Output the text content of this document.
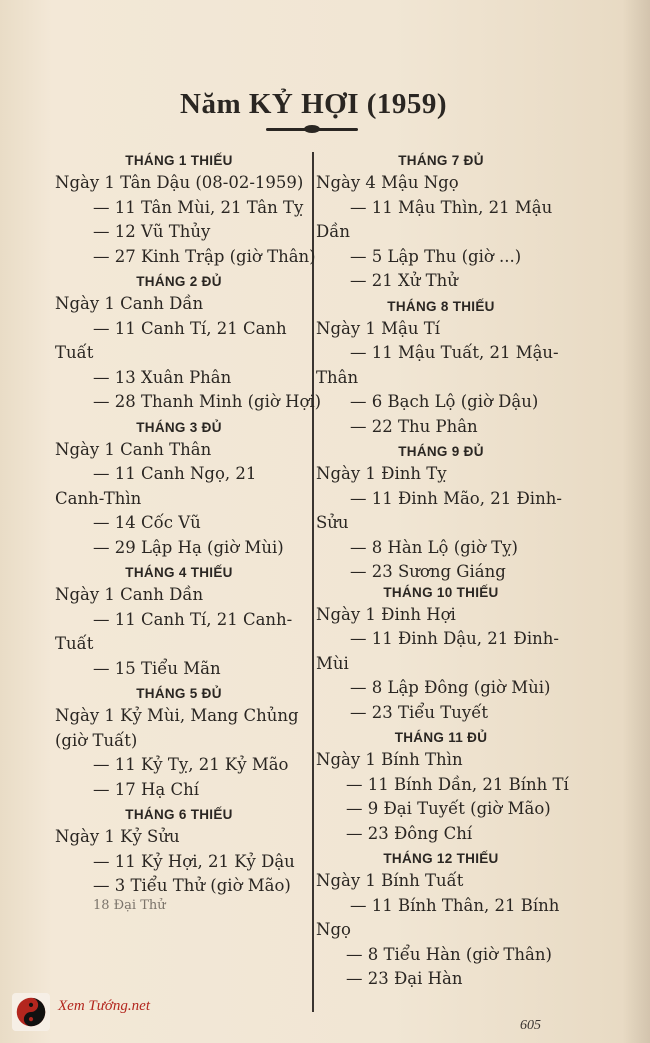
Năm KỶ HỢI (1959)
THÁNG 1 THIẾU
Ngày 1 Tân Dậu (08-02-1959)
— 11 Tân Mùi, 21 Tân Tỵ
— 12 Vũ Thủy
— 27 Kinh Trập (giờ Thân)
THÁNG 2 ĐỦ
Ngày 1 Canh Dần
— 11 Canh Tí, 21 Canh Tuất
— 13 Xuân Phân
— 28 Thanh Minh (giờ Hợi)
THÁNG 3 ĐỦ
Ngày 1 Canh Thân
— 11 Canh Ngọ, 21 Canh-Thìn
— 14 Cốc Vũ
— 29 Lập Hạ (giờ Mùi)
THÁNG 4 THIẾU
Ngày 1 Canh Dần
— 11 Canh Tí, 21 Canh-Tuất
— 15 Tiểu Mãn
THÁNG 5 ĐỦ
Ngày 1 Kỷ Mùi, Mang Chủng (giờ Tuất)
— 11 Kỷ Tỵ, 21 Kỷ Mão
— 17 Hạ Chí
THÁNG 6 THIẾU
Ngày 1 Kỷ Sửu
— 11 Kỷ Hợi, 21 Kỷ Dậu
— 3 Tiểu Thử (giờ Mão)
18 Đại Thử
THÁNG 7 ĐỦ
Ngày 4 Mậu Ngọ
— 11 Mậu Thìn, 21 Mậu Dần
— 5 Lập Thu (giờ ...)
— 21 Xử Thử
THÁNG 8 THIẾU
Ngày 1 Mậu Tí
— 11 Mậu Tuất, 21 Mậu-Thân
— 6 Bạch Lộ (giờ Dậu)
— 22 Thu Phân
THÁNG 9 ĐỦ
Ngày 1 Đinh Tỵ
— 11 Đinh Mão, 21 Đinh-Sửu
— 8 Hàn Lộ (giờ Tỵ)
— 23 Sương Giáng
THÁNG 10 THIẾU
Ngày 1 Đinh Hợi
— 11 Đinh Dậu, 21 Đinh-Mùi
— 8 Lập Đông (giờ Mùi)
— 23 Tiểu Tuyết
THÁNG 11 ĐỦ
Ngày 1 Bính Thìn
— 11 Bính Dần, 21 Bính Tí
— 9 Đại Tuyết (giờ Mão)
— 23 Đông Chí
THÁNG 12 THIẾU
Ngày 1 Bính Tuất
— 11 Bính Thân, 21 Bính Ngọ
— 8 Tiểu Hàn (giờ Thân)
— 23 Đại Hàn
Xem Tướng.net
605
